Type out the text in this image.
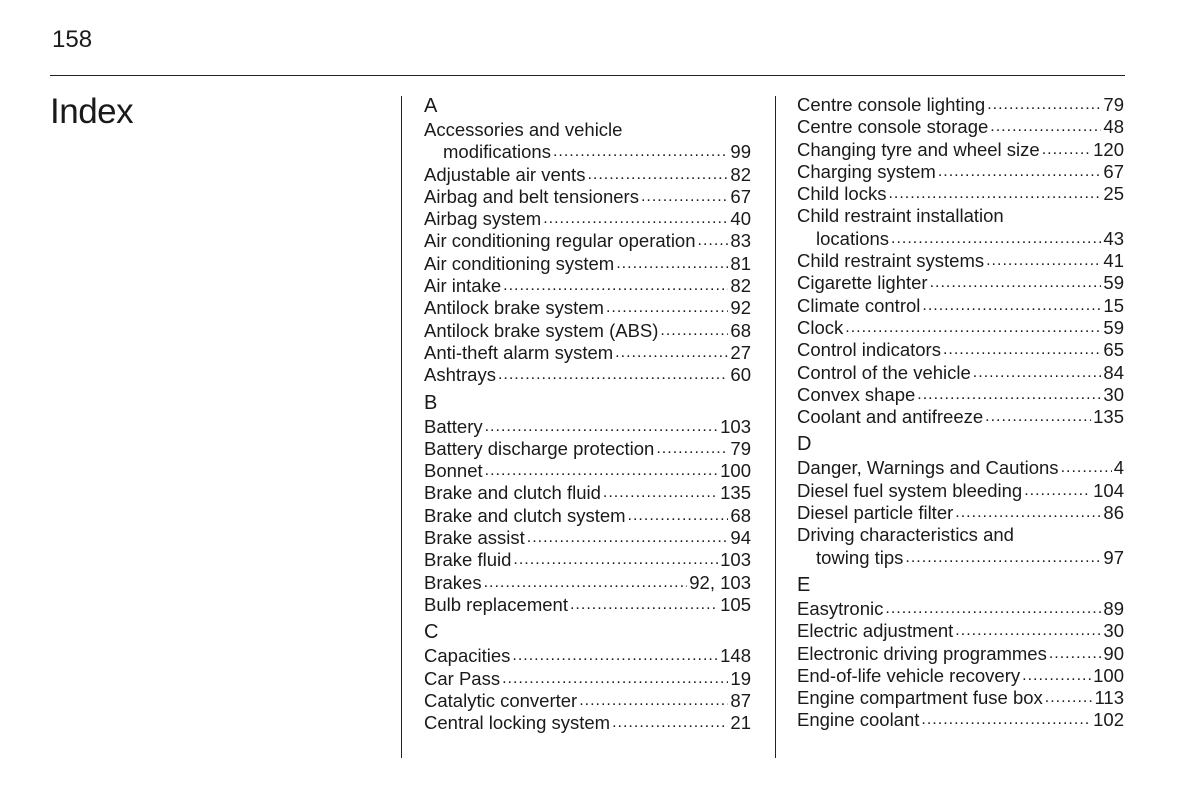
158
Index	A
Accessories and vehicle
modifications .....	99
Adjustable air vents .....	82
Airbag and belt tensioners .....	67
Airbag system .....	40
Air conditioning regular operation ..... 83
Air conditioning system .....	81
Air intake .....	82
Antilock brake system .....	92
Antilock brake system (ABS) .....	68
Anti-theft alarm system .....	27
Ashtrays .....	60
B
Battery .....	103
Battery discharge protection .....	79
Bonnet .....	100
Brake and clutch fluid .....	135
Brake and clutch system .....	68
Brake assist .....	94
Brake fluid .....	103
Brakes .....	92, 103
Bulb replacement .....	105
C
Capacities .....	148
Car Pass .....	19
Catalytic converter .....	87
Central locking system .....	21
Centre console lighting .....	79
Centre console storage .....	48
Changing tyre and wheel size .....	120
Charging system .....	67
Child locks .....	25
Child restraint installation
locations .....	43
Child restraint systems .....	41
Cigarette lighter .....	59
Climate control .....	15
Clock .....	59
Control indicators .....	65
Control of the vehicle .....	84
Convex shape .....	30
Coolant and antifreeze .....	135
D
Danger, Warnings and Cautions .....	4
Diesel fuel system bleeding .....	104
Diesel particle filter .....	86
Driving characteristics and
towing tips .....	97
E
Easytronic .....	89
Electric adjustment .....	30
Electronic driving programmes .....	90
End-of-life vehicle recovery .....	100
Engine compartment fuse box .....	113
Engine coolant .....	102
